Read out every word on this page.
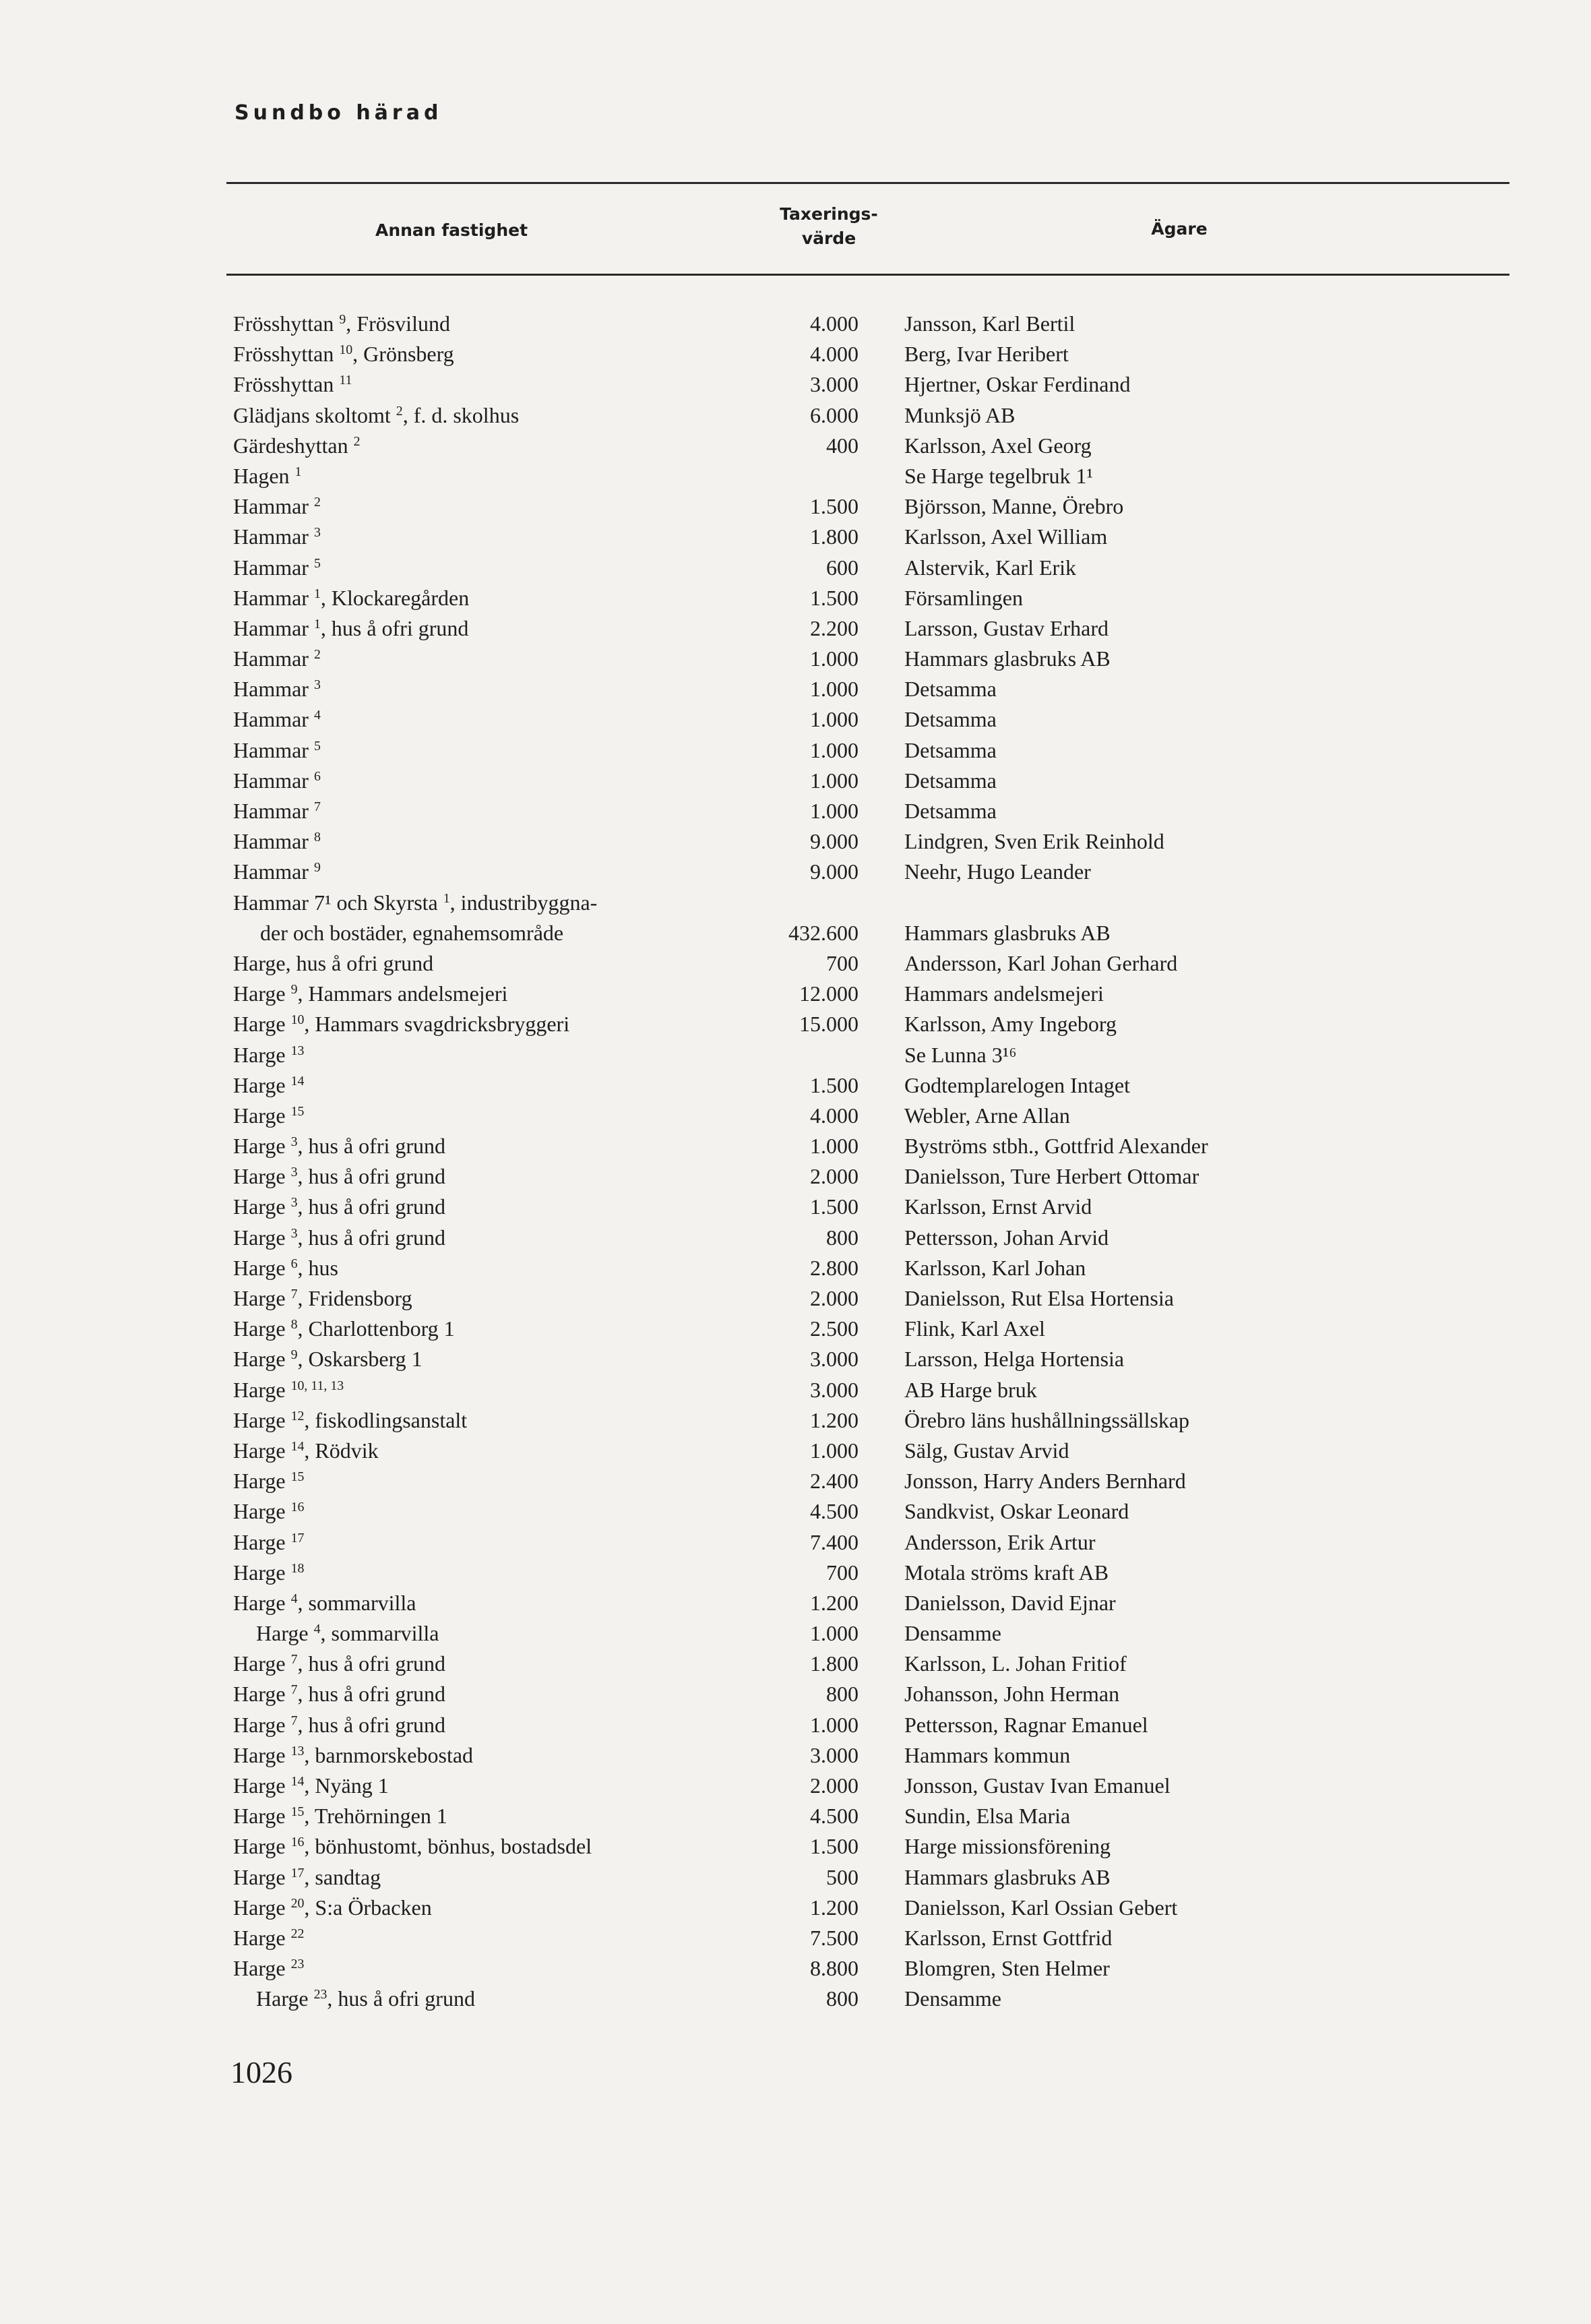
Sundbo härad
Annan fastighet
Taxerings-
värde	Ägare
Frösshyttan $^9$, Frösvilund	4.000 Jansson, Karl Bertil
Frösshyttan $^{10}$, Grönsberg	4.000 Berg, Ivar Heribert
Frösshyttan $^{11}$	3.000 Hjertner, Oskar Ferdinand
Glädjans skoltomt $^2$, f. d. skolhus	6.000 Munksjö AB
Gärdeshyttan $^2$	400 Karlsson, Axel Georg
Hagen $^1$	Se Harge tegelbruk 1¹
Hammar $^2$	1.500 Björsson, Manne, Örebro
Hammar $^3$	1.800 Karlsson, Axel William
Hammar $^5$	600 Alstervik, Karl Erik
Hammar $^1$, Klockaregården	1.500 Församlingen
Hammar $^1$, hus å ofri grund	2.200 Larsson, Gustav Erhard
Hammar $^2$	1.000 Hammars glasbruks AB
Hammar $^3$	1.000 Detsamma
Hammar $^4$	1.000 Detsamma
Hammar $^5$	1.000 Detsamma
Hammar $^6$	1.000 Detsamma
Hammar $^7$	1.000 Detsamma
Hammar $^8$	9.000 Lindgren, Sven Erik Reinhold
Hammar $^9$	9.000 Neehr, Hugo Leander
Hammar 7¹ och Skyrsta $^1$, industribyggna-
der och bostäder, egnahemsområde	432.600 Hammars glasbruks AB
Harge, hus å ofri grund	700 Andersson, Karl Johan Gerhard
Harge $^9$, Hammars andelsmejeri	12.000 Hammars andelsmejeri
Harge $^{10}$, Hammars svagdricksbryggeri	15.000 Karlsson, Amy Ingeborg
Harge $^{13}$	Se Lunna 3¹⁶
Harge $^{14}$	1.500 Godtemplarelogen Intaget
Harge $^{15}$	4.000 Webler, Arne Allan
Harge $^3$, hus å ofri grund	1.000 Byströms stbh., Gottfrid Alexander
Harge $^3$, hus å ofri grund	2.000 Danielsson, Ture Herbert Ottomar
Harge $^3$, hus å ofri grund	1.500 Karlsson, Ernst Arvid
Harge $^3$, hus å ofri grund	800 Pettersson, Johan Arvid
Harge $^6$, hus	2.800 Karlsson, Karl Johan
Harge $^7$, Fridensborg	2.000 Danielsson, Rut Elsa Hortensia
Harge $^8$, Charlottenborg 1	2.500 Flink, Karl Axel
Harge $^9$, Oskarsberg 1	3.000 Larsson, Helga Hortensia
Harge $^{10, 11, 13}$	3.000 AB Harge bruk
Harge $^{12}$, fiskodlingsanstalt	1.200 Örebro läns hushållningssällskap
Harge $^{14}$, Rödvik	1.000 Sälg, Gustav Arvid
Harge $^{15}$	2.400 Jonsson, Harry Anders Bernhard
Harge $^{16}$	4.500 Sandkvist, Oskar Leonard
Harge $^{17}$	7.400 Andersson, Erik Artur
Harge $^{18}$	700 Motala ströms kraft AB
Harge $^4$, sommarvilla	1.200 Danielsson, David Ejnar
Harge $^4$, sommarvilla	1.000 Densamme
Harge $^7$, hus å ofri grund	1.800 Karlsson, L. Johan Fritiof
Harge $^7$, hus å ofri grund	800 Johansson, John Herman
Harge $^7$, hus å ofri grund	1.000 Pettersson, Ragnar Emanuel
Harge $^{13}$, barnmorskebostad	3.000 Hammars kommun
Harge $^{14}$, Nyäng 1	2.000 Jonsson, Gustav Ivan Emanuel
Harge $^{15}$, Trehörningen 1	4.500 Sundin, Elsa Maria
Harge $^{16}$, bönhustomt, bönhus, bostadsdel	1.500 Harge missionsförening
Harge $^{17}$, sandtag	500 Hammars glasbruks AB
Harge $^{20}$, S:a Örbacken	1.200 Danielsson, Karl Ossian Gebert
Harge $^{22}$	7.500 Karlsson, Ernst Gottfrid
Harge $^{23}$	8.800 Blomgren, Sten Helmer
Harge $^{23}$, hus å ofri grund	800 Densamme
1026
